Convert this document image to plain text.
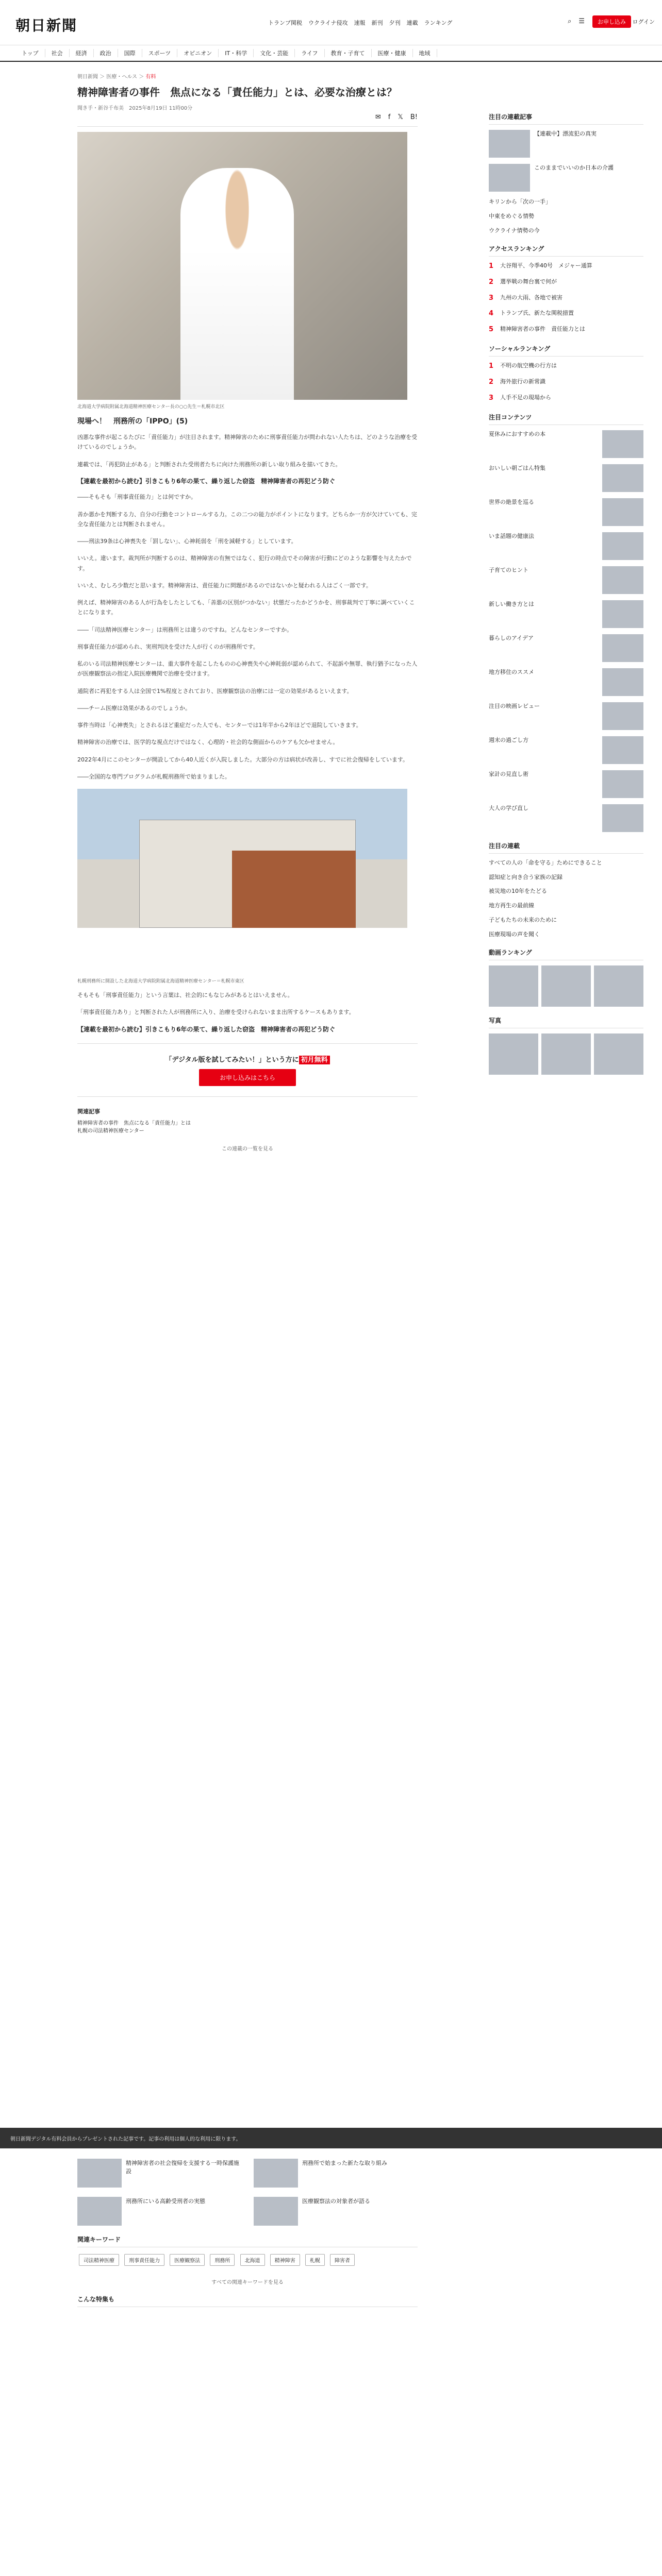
朝日新聞	トランプ関税 ウクライナ侵攻 速報 新刊 夕刊 連載 ランキング	⌕ ☰	お申し込み	ログイン
トップ	社会	経済	政治	国際	スポーツ	オピニオン	IT・科学	文化・芸能	ライフ	教育・子育て	医療・健康	地域
朝日新聞 ＞ 医療・ヘルス ＞ 有料
精神障害者の事件　焦点になる「責任能力」とは、必要な治療とは？
聞き手・新谷千布美　2025年8月19日 11時00分
✉ f 𝕏 B!
北海道大学病院附属北海道精神医療センター長の○○先生＝札幌市北区
現場へ！　刑務所の「IPPO」(5)

凶悪な事件が起こるたびに「責任能力」が注目されます。精神障害のために刑事責任能力が問われない人たちは、どのような治療を受けているのでしょうか。

連載では、「再犯防止がある」と判断された受刑者たちに向けた刑務所の新しい取り組みを描いてきた。

【連載を最初から読む】引きこもり6年の果て、繰り返した窃盗　精神障害者の再犯どう防ぐ

――そもそも「刑事責任能力」とは何ですか。

善か悪かを判断する力、自分の行動をコントロールする力。この二つの能力がポイントになります。どちらか一方が欠けていても、完全な責任能力とは判断されません。

――刑法39条は心神喪失を「罰しない」、心神耗弱を「刑を減軽する」としています。

いいえ。違います。裁判所が判断するのは、精神障害の有無ではなく、犯行の時点でその障害が行動にどのような影響を与えたかです。

いいえ、むしろ少数だと思います。精神障害は、責任能力に問題があるのではないかと疑われる人はごく一部です。

例えば、精神障害のある人が行為をしたとしても、「善悪の区別がつかない」状態だったかどうかを、刑事裁判で丁寧に調べていくことになります。

――「司法精神医療センター」は刑務所とは違うのですね。どんなセンターですか。

刑事責任能力が認められ、実刑判決を受けた人が行くのが刑務所です。

私のいる司法精神医療センターは、重大事件を起こしたものの心神喪失や心神耗弱が認められて、不起訴や無罪、執行猶予になった人が医療観察法の指定入院医療機関で治療を受けます。

通院者に再犯をする人は全国で1%程度とされており、医療観察法の治療には一定の効果があるといえます。

――チーム医療は効果があるのでしょうか。

事件当時は「心神喪失」とされるほど重症だった人でも、センターでは1年半から2年ほどで退院していきます。

精神障害の治療では、医学的な視点だけではなく、心理的・社会的な側面からのケアも欠かせません。

2022年4月にこのセンターが開設してから40人近くが入院しました。大部分の方は病状が改善し、すでに社会復帰をしています。

――全国的な専門プログラムが札幌刑務所で始まりました。

札幌刑務所に開設した北海道大学病院附属北海道精神医療センター＝札幌市東区

そもそも「刑事責任能力」という言葉は、社会的にもなじみがあるとはいえません。

「刑事責任能力あり」と判断された人が刑務所に入り、治療を受けられないまま出所するケースもあります。

【連載を最初から読む】引きこもり6年の果て、繰り返した窃盗　精神障害者の再犯どう防ぐ
「デジタル版を試してみたい！」という方に 初月無料
お申し込みはこちら
関連記事
精神障害者の事件　焦点になる「責任能力」とは
札幌の司法精神医療センター
この連載の一覧を見る
朝日新聞デジタル有料会員からプレゼントされた記事です。記事の利用は個人的な利用に限ります。
精神障害者の社会復帰を支援する一時保護施設
刑務所で始まった新たな取り組み
刑務所にいる高齢受刑者の実態	医療観察法の対象者が語る
関連キーワード
司法精神医療	刑事責任能力	医療観察法	刑務所	北海道	精神障害	札幌	障害者
すべての関連キーワードを見る
こんな特集も
注目の連載記事
【連載中】漂流犯の真実
このままでいいのか日本の介護
キリンから「次の一手」
中東をめぐる情勢
ウクライナ情勢の今
アクセスランキング
1	大谷翔平、今季40号　メジャー通算
2	選挙戦の舞台裏で何が
3	九州の大雨、各地で被害
4	トランプ氏、新たな関税措置
5	精神障害者の事件　責任能力とは
ソーシャルランキング
1	不明の航空機の行方は
2	海外旅行の新常識
3	人手不足の現場から
注目コンテンツ
夏休みにおすすめの本
おいしい朝ごはん特集
世界の絶景を巡る
いま話題の健康法
子育てのヒント
新しい働き方とは
暮らしのアイデア
地方移住のススメ
注目の映画レビュー
週末の過ごし方
家計の見直し術
大人の学び直し
注目の連載
すべての人の「命を守る」ためにできること
認知症と向き合う家族の記録
被災地の10年をたどる
地方再生の最前線
子どもたちの未来のために
医療現場の声を聞く
動画ランキング
写真
